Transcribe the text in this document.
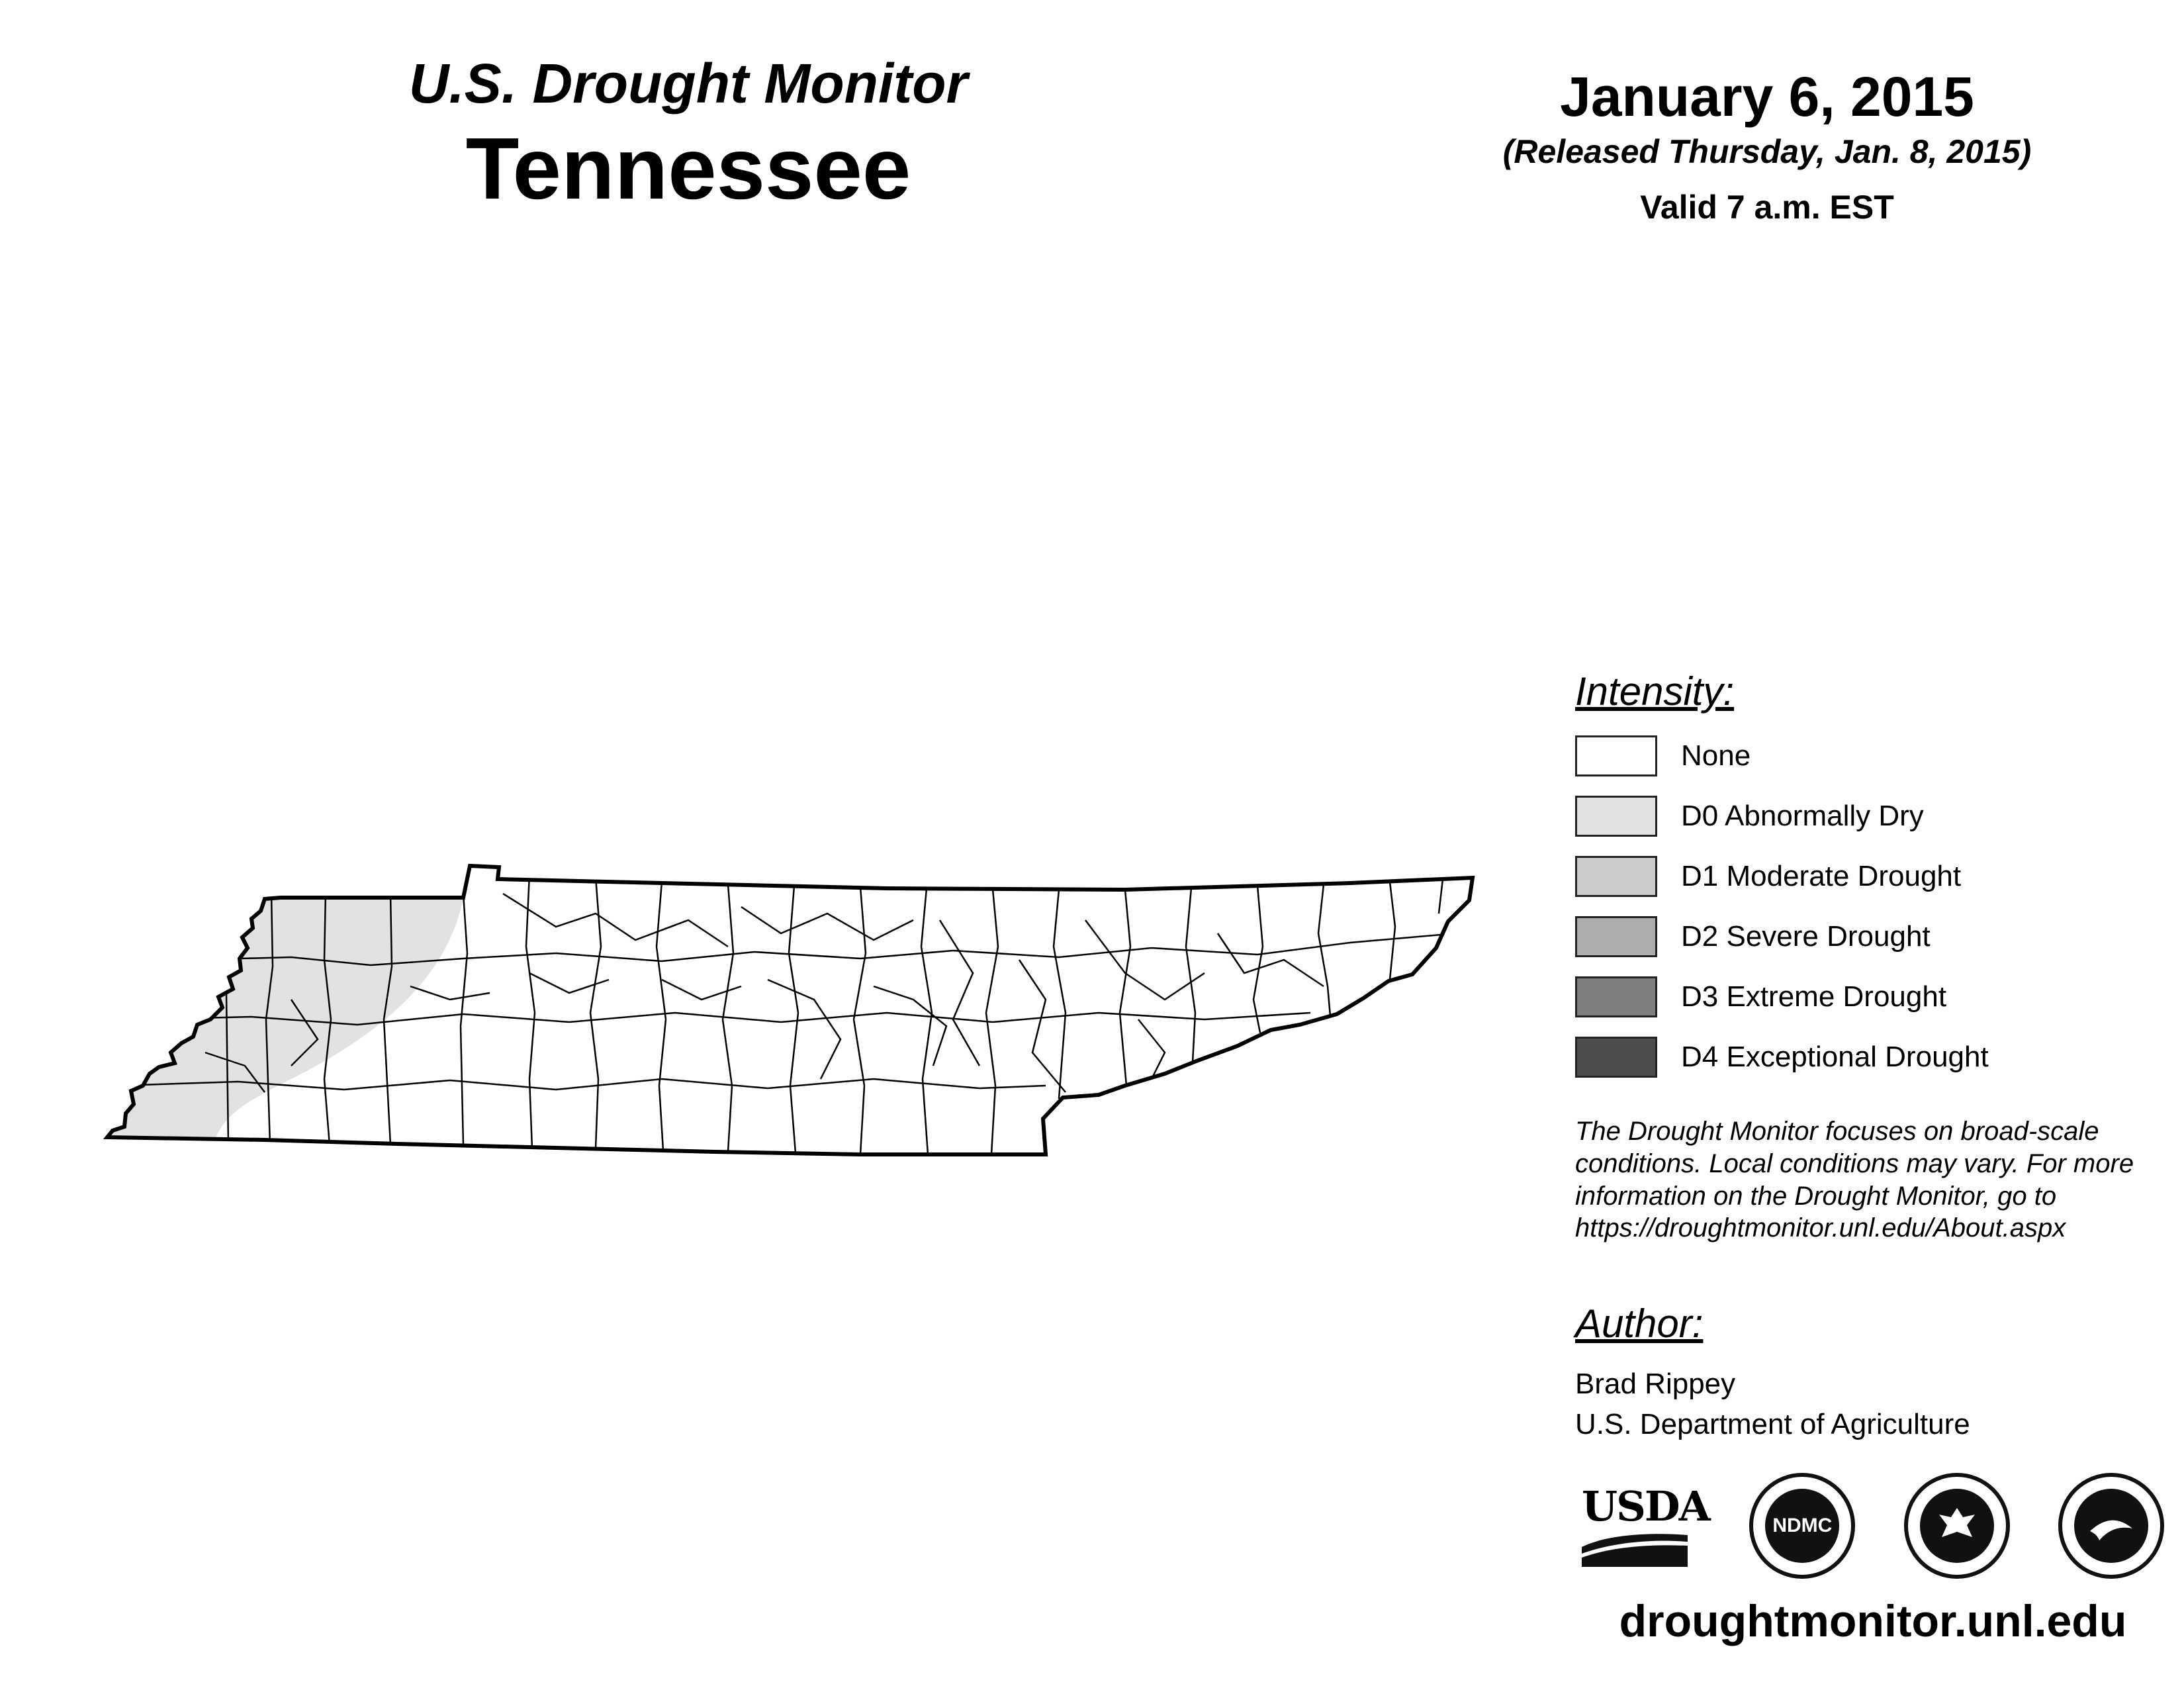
U.S. Drought Monitor
Tennessee
January 6, 2015
(Released Thursday, Jan. 8, 2015)
Valid 7 a.m. EST
Intensity:
None
D0 Abnormally Dry
D1 Moderate Drought
D2 Severe Drought
D3 Extreme Drought
D4 Exceptional Drought
The Drought Monitor focuses on broad-scale
conditions. Local conditions may vary. For more
information on the Drought Monitor, go to
https://droughtmonitor.unl.edu/About.aspx
Author:
Brad Rippey
U.S. Department of Agriculture
USDA	NDMC
droughtmonitor.unl.edu
